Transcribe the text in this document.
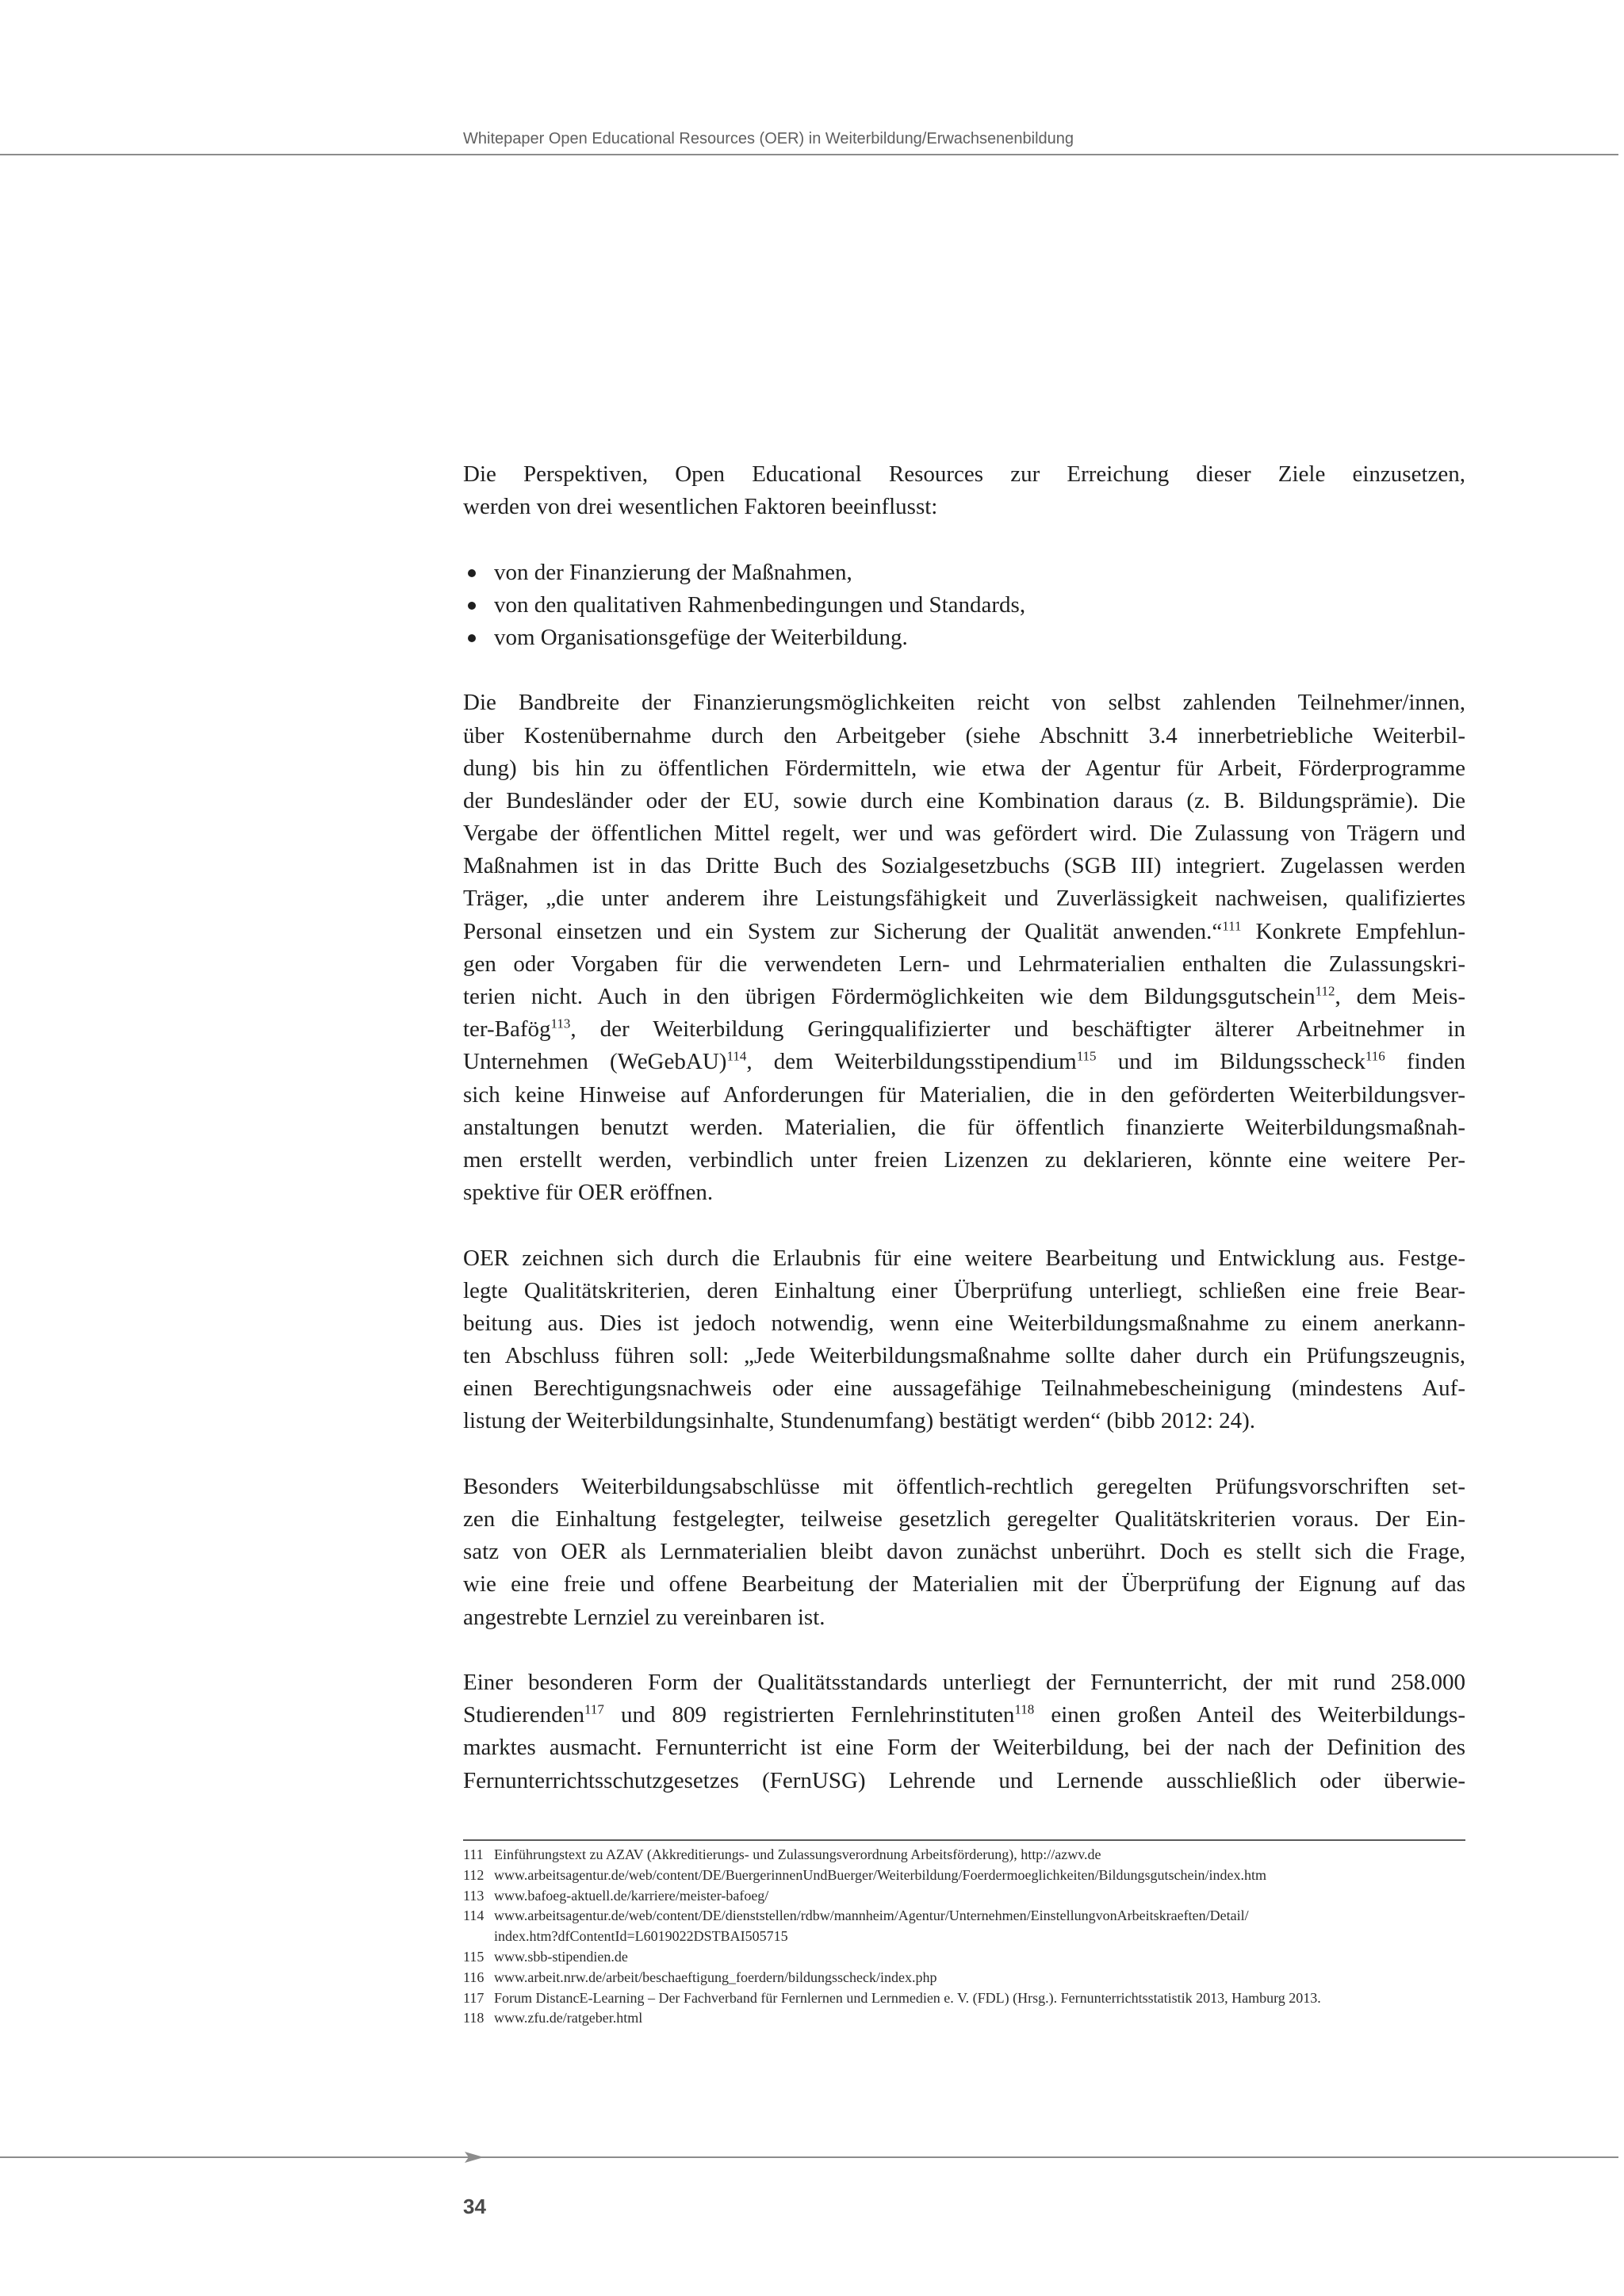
Whitepaper Open Educational Resources (OER) in Weiterbildung/Erwachsenenbildung
Die Perspektiven, Open Educational Resources zur Erreichung dieser Ziele einzusetzen,
werden von drei wesentlichen Faktoren beeinflusst:
von der Finanzierung der Maßnahmen,
von den qualitativen Rahmenbedingungen und Standards,
vom Organisationsgefüge der Weiterbildung.
Die Bandbreite der Finanzierungsmöglichkeiten reicht von selbst zahlenden Teilnehmer/innen,
über Kostenübernahme durch den Arbeitgeber (siehe Abschnitt 3.4 innerbetriebliche Weiterbil-
dung) bis hin zu öffentlichen Fördermitteln, wie etwa der Agentur für Arbeit, Förderprogramme
der Bundesländer oder der EU, sowie durch eine Kombination daraus (z. B. Bildungsprämie). Die
Vergabe der öffentlichen Mittel regelt, wer und was gefördert wird. Die Zulassung von Trägern und
Maßnahmen ist in das Dritte Buch des Sozialgesetzbuchs (SGB III) integriert. Zugelassen werden
Träger, „die unter anderem ihre Leistungsfähigkeit und Zuverlässigkeit nachweisen, qualifiziertes
Personal einsetzen und ein System zur Sicherung der Qualität anwenden.“$^{111}$ Konkrete Empfehlun-
gen oder Vorgaben für die verwendeten Lern- und Lehrmaterialien enthalten die Zulassungskri-
terien nicht. Auch in den übrigen Fördermöglichkeiten wie dem Bildungsgutschein$^{112}$, dem Meis-
ter-Bafög$^{113}$, der Weiterbildung Geringqualifizierter und beschäftigter älterer Arbeitnehmer in
Unternehmen (WeGebAU)$^{114}$, dem Weiterbildungsstipendium$^{115}$ und im Bildungsscheck$^{116}$ finden
sich keine Hinweise auf Anforderungen für Materialien, die in den geförderten Weiterbildungsver-
anstaltungen benutzt werden. Materialien, die für öffentlich finanzierte Weiterbildungsmaßnah-
men erstellt werden, verbindlich unter freien Lizenzen zu deklarieren, könnte eine weitere Per-
spektive für OER eröffnen.
OER zeichnen sich durch die Erlaubnis für eine weitere Bearbeitung und Entwicklung aus. Festge-
legte Qualitätskriterien, deren Einhaltung einer Überprüfung unterliegt, schließen eine freie Bear-
beitung aus. Dies ist jedoch notwendig, wenn eine Weiterbildungsmaßnahme zu einem anerkann-
ten Abschluss führen soll: „Jede Weiterbildungsmaßnahme sollte daher durch ein Prüfungszeugnis,
einen Berechtigungsnachweis oder eine aussagefähige Teilnahmebescheinigung (mindestens Auf-
listung der Weiterbildungsinhalte, Stundenumfang) bestätigt werden“ (bibb 2012: 24).
Besonders Weiterbildungsabschlüsse mit öffentlich-rechtlich geregelten Prüfungsvorschriften set-
zen die Einhaltung festgelegter, teilweise gesetzlich geregelter Qualitätskriterien voraus. Der Ein-
satz von OER als Lernmaterialien bleibt davon zunächst unberührt. Doch es stellt sich die Frage,
wie eine freie und offene Bearbeitung der Materialien mit der Überprüfung der Eignung auf das
angestrebte Lernziel zu vereinbaren ist.
Einer besonderen Form der Qualitätsstandards unterliegt der Fernunterricht, der mit rund 258.000
Studierenden$^{117}$ und 809 registrierten Fernlehrinstituten$^{118}$ einen großen Anteil des Weiterbildungs-
marktes ausmacht. Fernunterricht ist eine Form der Weiterbildung, bei der nach der Definition des
Fernunterrichtsschutzgesetzes (FernUSG) Lehrende und Lernende ausschließlich oder überwie-
111 Einführungstext zu AZAV (Akkreditierungs- und Zulassungsverordnung Arbeitsförderung), http://azwv.de
112 www.arbeitsagentur.de/web/content/DE/BuergerinnenUndBuerger/Weiterbildung/Foerdermoeglichkeiten/Bildungsgutschein/index.htm
113 www.bafoeg-aktuell.de/karriere/meister-bafoeg/
114 www.arbeitsagentur.de/web/content/DE/dienststellen/rdbw/mannheim/Agentur/Unternehmen/EinstellungvonArbeitskraeften/Detail/
index.htm?dfContentId=L6019022DSTBAI505715
115 www.sbb-stipendien.de
116 www.arbeit.nrw.de/arbeit/beschaeftigung_foerdern/bildungsscheck/index.php
117 Forum DistancE-Learning – Der Fachverband für Fernlernen und Lernmedien e. V. (FDL) (Hrsg.). Fernunterrichtsstatistik 2013, Hamburg 2013.
118 www.zfu.de/ratgeber.html
34
